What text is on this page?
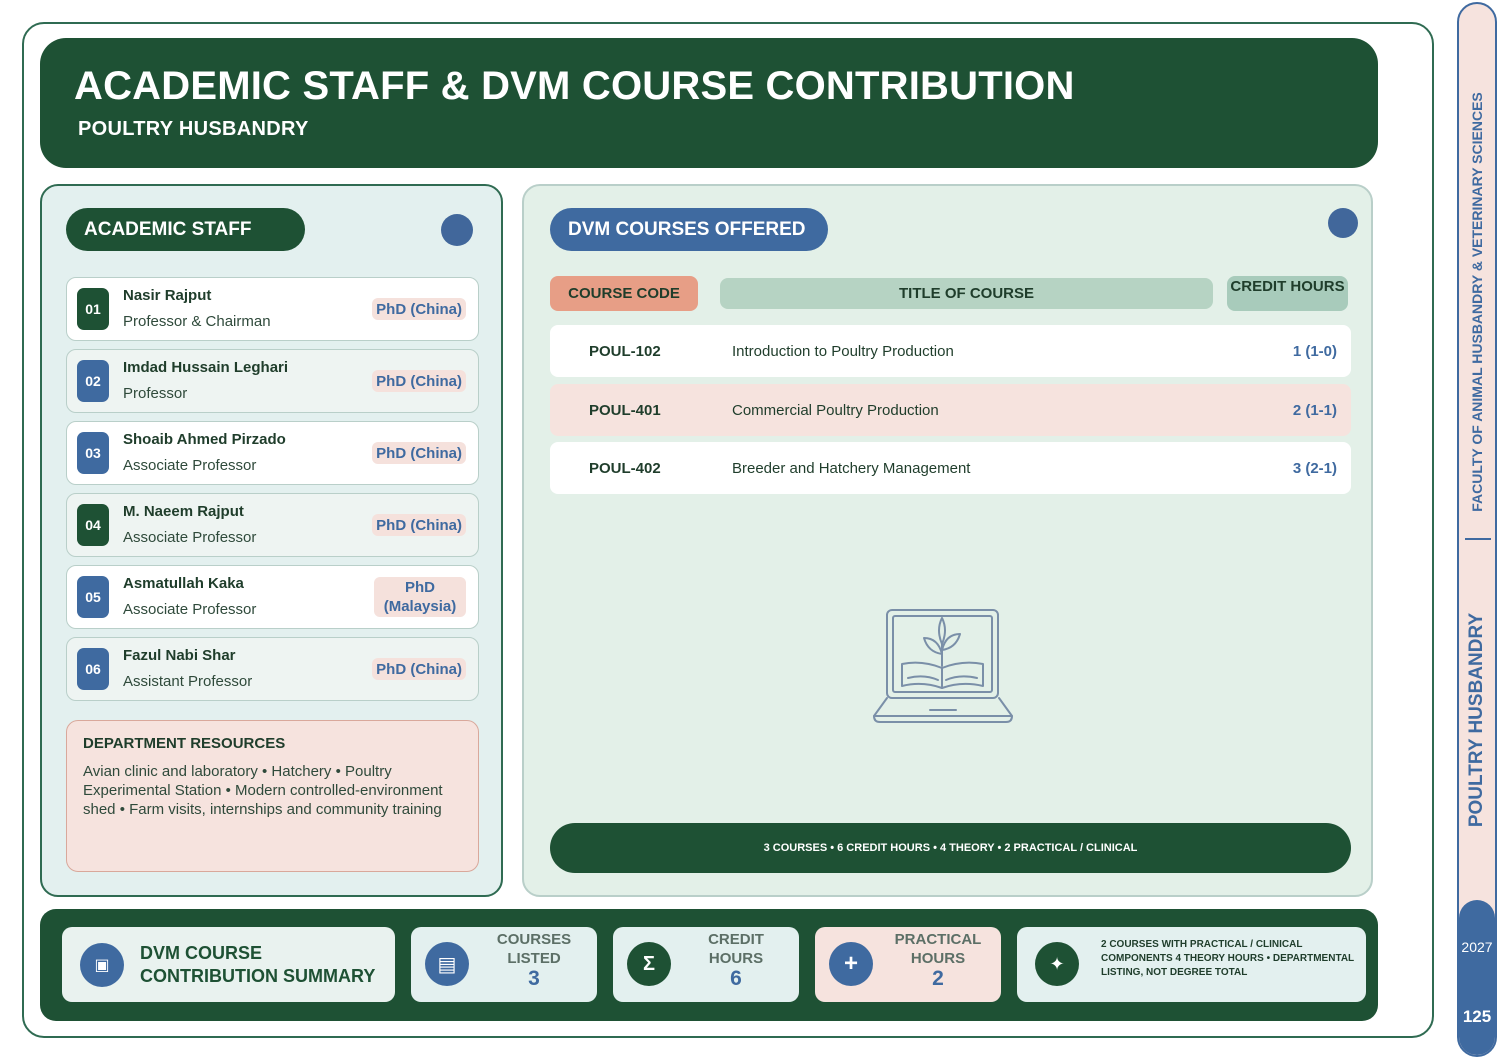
ACADEMIC STAFF & DVM COURSE CONTRIBUTION
POULTRY HUSBANDRY
ACADEMIC STAFF
01
Nasir Rajput
Professor & Chairman
PhD (China)
02
Imdad Hussain Leghari
Professor
PhD (China)
03
Shoaib Ahmed Pirzado
Associate Professor
PhD (China)
04
M. Naeem Rajput
Associate Professor
PhD (China)
05
Asmatullah Kaka
Associate Professor
PhD (Malaysia)
06
Fazul Nabi Shar
Assistant Professor
PhD (China)
DEPARTMENT RESOURCES

Avian clinic and laboratory • Hatchery • Poultry Experimental Station • Modern controlled-environment shed • Farm visits, internships and community training

DVM COURSES OFFERED
COURSE CODE	TITLE OF COURSE	CREDIT HOURS
POUL-102	Introduction to Poultry Production	1 (1-0)
POUL-401	Commercial Poultry Production	2 (1-1)
POUL-402	Breeder and Hatchery Management	3 (2-1)
3 COURSES • 6 CREDIT HOURS • 4 THEORY • 2 PRACTICAL / CLINICAL
▣
DVM COURSE CONTRIBUTION SUMMARY
▤
COURSES LISTED
3
Σ
CREDIT HOURS
6
+
PRACTICAL HOURS
2
✦
2 COURSES WITH PRACTICAL / CLINICAL COMPONENTS 4 THEORY HOURS • DEPARTMENTAL LISTING, NOT DEGREE TOTAL
FACULTY OF ANIMAL HUSBANDRY & VETERINARY SCIENCES
POULTRY HUSBANDRY
2027
125
